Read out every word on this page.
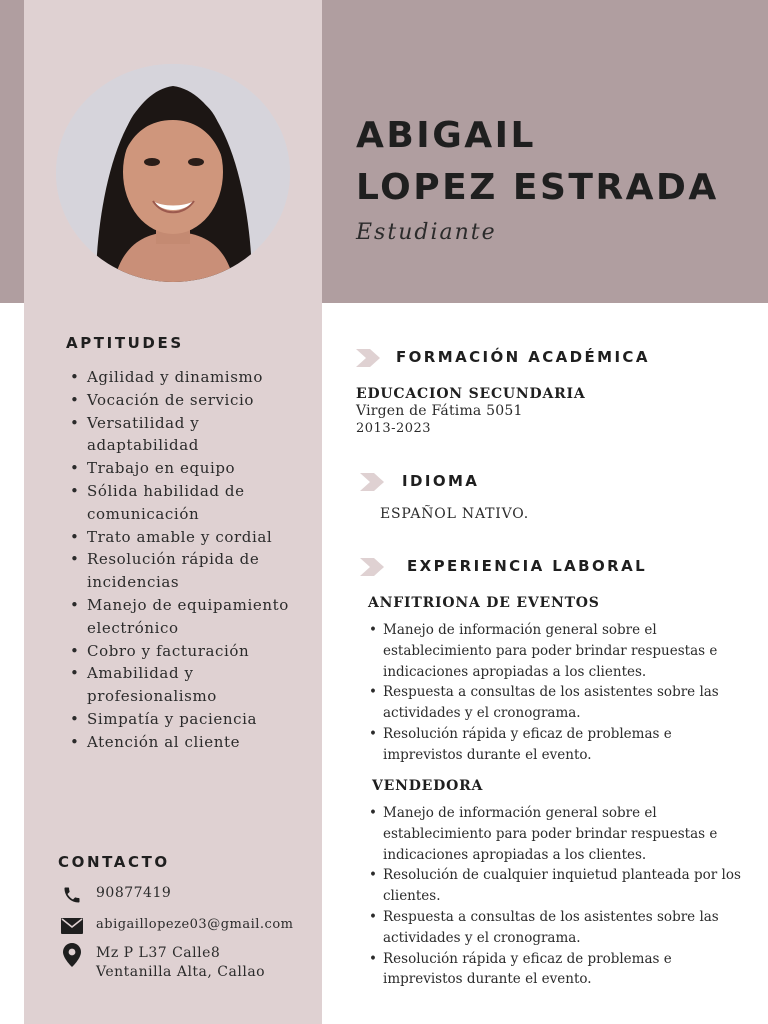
ABIGAIL
LOPEZ ESTRADA
Estudiante
APTITUDES
• Agilidad y dinamismo
• Vocación de servicio
• Versatilidad y adaptabilidad
• Trabajo en equipo
• Sólida habilidad de comunicación
• Trato amable y cordial
• Resolución rápida de incidencias
• Manejo de equipamiento electrónico
• Cobro y facturación
• Amabilidad y profesionalismo
• Simpatía y paciencia
• Atención al cliente
CONTACTO
90877419
abigaillopeze03@gmail.com
Mz P L37 Calle8
Ventanilla Alta, Callao
FORMACIÓN ACADÉMICA
EDUCACION SECUNDARIA
Virgen de Fátima 5051
2013-2023
IDIOMA
ESPAÑOL NATIVO.
EXPERIENCIA LABORAL
ANFITRIONA DE EVENTOS
• Manejo de información general sobre el establecimiento para poder brindar respuestas e indicaciones apropiadas a los clientes.
• Respuesta a consultas de los asistentes sobre las actividades y el cronograma.
• Resolución rápida y eficaz de problemas e imprevistos durante el evento.
VENDEDORA
• Manejo de información general sobre el establecimiento para poder brindar respuestas e indicaciones apropiadas a los clientes.
• Resolución de cualquier inquietud planteada por los clientes.
• Respuesta a consultas de los asistentes sobre las actividades y el cronograma.
• Resolución rápida y eficaz de problemas e imprevistos durante el evento.
